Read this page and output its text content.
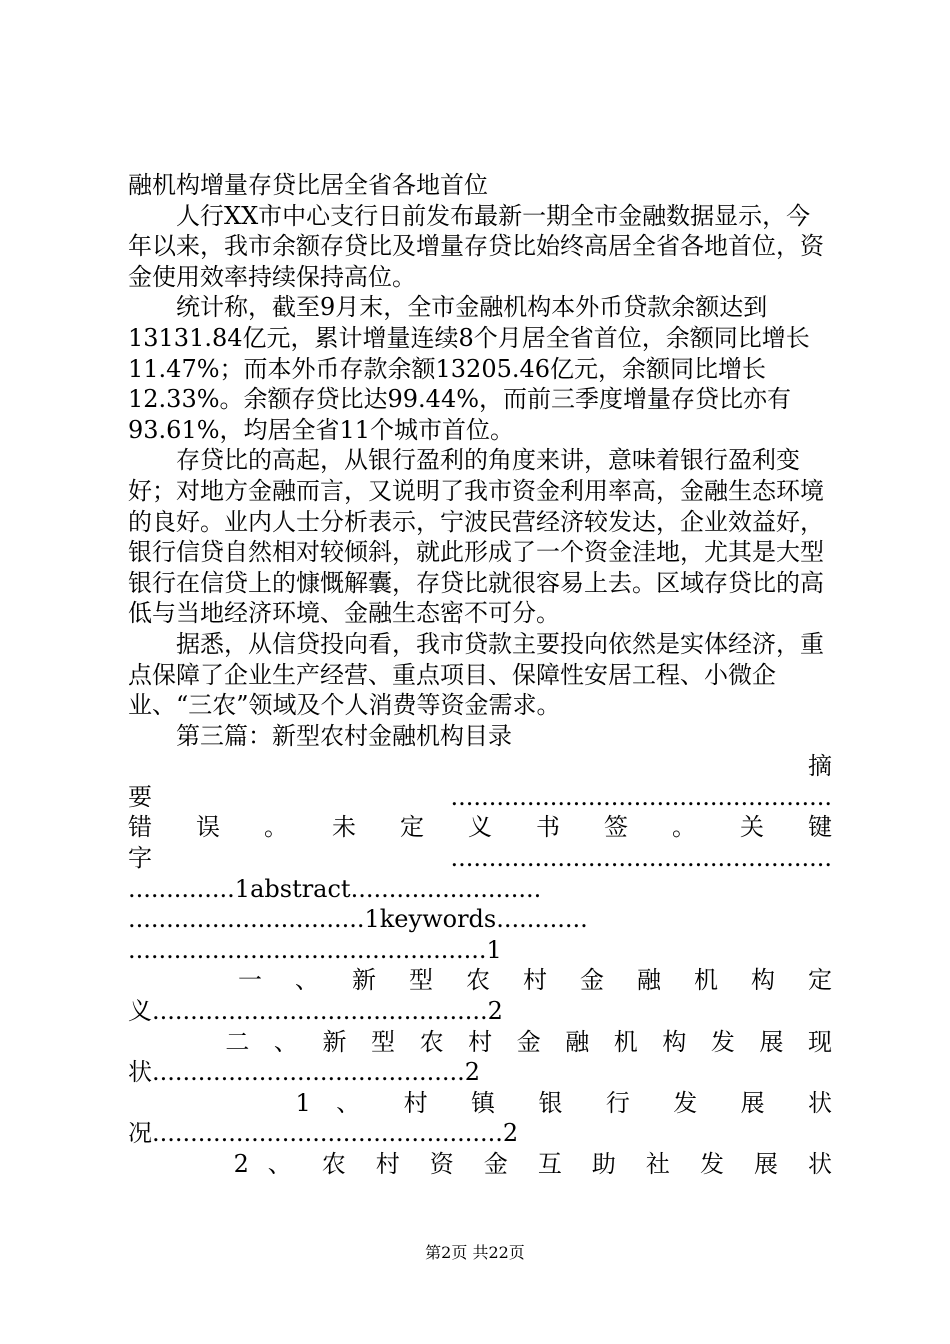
融机构增量存贷比居全省各地首位

人行XX市中心支行日前发布最新一期全市金融数据显示，今年以来，我市余额存贷比及增量存贷比始终高居全省各地首位，资金使用效率持续保持高位。

统计称，截至9月末，全市金融机构本外币贷款余额达到13131.84亿元，累计增量连续8个月居全省首位，余额同比增长11.47%；而本外币存款余额13205.46亿元，余额同比增长12.33%。余额存贷比达99.44%，而前三季度增量存贷比亦有93.61%，均居全省11个城市首位。

存贷比的高起，从银行盈利的角度来讲，意味着银行盈利变好；对地方金融而言，又说明了我市资金利用率高，金融生态环境的良好。业内人士分析表示，宁波民营经济较发达，企业效益好，银行信贷自然相对较倾斜，就此形成了一个资金洼地，尤其是大型银行在信贷上的慷慨解囊，存贷比就很容易上去。区域存贷比的高低与当地经济环境、金融生态密不可分。

据悉，从信贷投向看，我市贷款主要投向依然是实体经济，重点保障了企业生产经营、重点项目、保障性安居工程、小微企业、“三农”领域及个人消费等资金需求。

第三篇：新型农村金融机构目录

摘

要 ..................................................

错 误 。 未 定 义 书 签 。 关 键

字..................................................

..............1abstract.........................

...............................1keywords............

...............................................1

　　　一 、 新 型 农 村 金 融 机 构 定

义............................................2

　　　二 、 新 型 农 村 金 融 机 构 发 展 现

状.........................................2

　　　　1 、 村 镇 银 行 发 展 状

况..............................................2

　　　2 、 农 村 资 金 互 助 社 发 展 状

第2页 共22页
